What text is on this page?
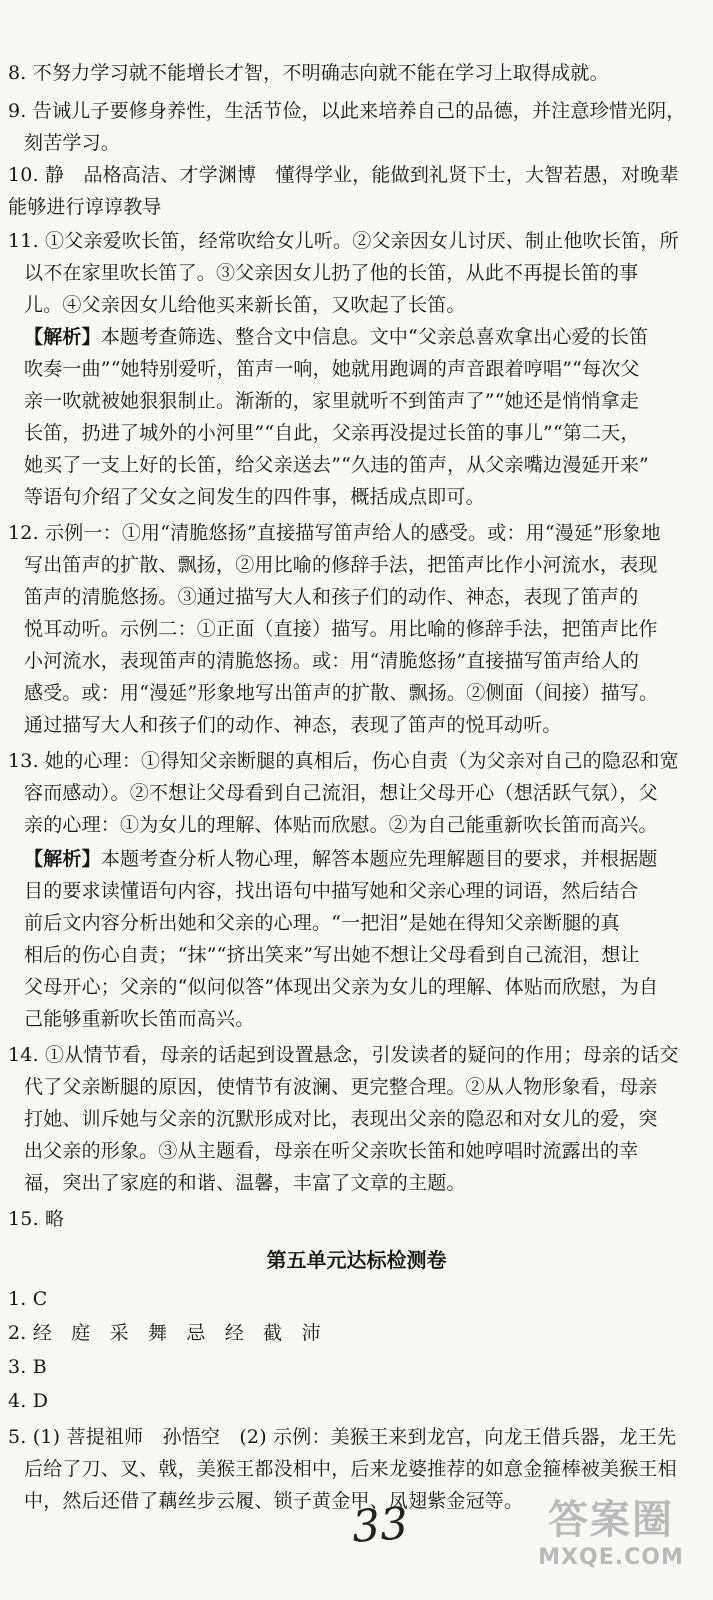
8. 不努力学习就不能增长才智，不明确志向就不能在学习上取得成就。
9. 告诫儿子要修身养性，生活节俭，以此来培养自己的品德，并注意珍惜光阴，
刻苦学习。
10. 静　品格高洁、才学渊博　懂得学业，能做到礼贤下士，大智若愚，对晚辈
能够进行谆谆教导
11. ①父亲爱吹长笛，经常吹给女儿听。②父亲因女儿讨厌、制止他吹长笛，所
以不在家里吹长笛了。③父亲因女儿扔了他的长笛，从此不再提长笛的事
儿。④父亲因女儿给他买来新长笛，又吹起了长笛。
【解析】本题考查筛选、整合文中信息。文中“父亲总喜欢拿出心爱的长笛
吹奏一曲”“她特别爱听，笛声一响，她就用跑调的声音跟着哼唱”“每次父
亲一吹就被她狠狠制止。渐渐的，家里就听不到笛声了”“她还是悄悄拿走
长笛，扔进了城外的小河里”“自此，父亲再没提过长笛的事儿”“第二天，
她买了一支上好的长笛，给父亲送去”“久违的笛声，从父亲嘴边漫延开来”
等语句介绍了父女之间发生的四件事，概括成点即可。
12. 示例一：①用“清脆悠扬”直接描写笛声给人的感受。或：用“漫延”形象地
写出笛声的扩散、飘扬，②用比喻的修辞手法，把笛声比作小河流水，表现
笛声的清脆悠扬。③通过描写大人和孩子们的动作、神态，表现了笛声的
悦耳动听。示例二：①正面（直接）描写。用比喻的修辞手法，把笛声比作
小河流水，表现笛声的清脆悠扬。或：用“清脆悠扬”直接描写笛声给人的
感受。或：用“漫延”形象地写出笛声的扩散、飘扬。②侧面（间接）描写。
通过描写大人和孩子们的动作、神态，表现了笛声的悦耳动听。
13. 她的心理：①得知父亲断腿的真相后，伤心自责（为父亲对自己的隐忍和宽
容而感动）。②不想让父母看到自己流泪，想让父母开心（想活跃气氛），父
亲的心理：①为女儿的理解、体贴而欣慰。②为自己能重新吹长笛而高兴。
【解析】本题考查分析人物心理，解答本题应先理解题目的要求，并根据题
目的要求读懂语句内容，找出语句中描写她和父亲心理的词语，然后结合
前后文内容分析出她和父亲的心理。“一把泪”是她在得知父亲断腿的真
相后的伤心自责；“抹”“挤出笑来”写出她不想让父母看到自己流泪，想让
父母开心；父亲的“似问似答”体现出父亲为女儿的理解、体贴而欣慰，为自
己能够重新吹长笛而高兴。
14. ①从情节看，母亲的话起到设置悬念，引发读者的疑问的作用；母亲的话交
代了父亲断腿的原因，使情节有波澜、更完整合理。②从人物形象看，母亲
打她、训斥她与父亲的沉默形成对比，表现出父亲的隐忍和对女儿的爱，突
出父亲的形象。③从主题看，母亲在听父亲吹长笛和她哼唱时流露出的幸
福，突出了家庭的和谐、温馨，丰富了文章的主题。
15. 略
第五单元达标检测卷
1. C
2. 经　庭　采　舞　忌　经　截　沛
3. B
4. D
5. (1) 菩提祖师　孙悟空　(2) 示例：美猴王来到龙宫，向龙王借兵器，龙王先
后给了刀、叉、戟，美猴王都没相中，后来龙婆推荐的如意金箍棒被美猴王相
中，然后还借了藕丝步云履、锁子黄金甲、凤翅紫金冠等。
33	答案圈
MXQE.COM
